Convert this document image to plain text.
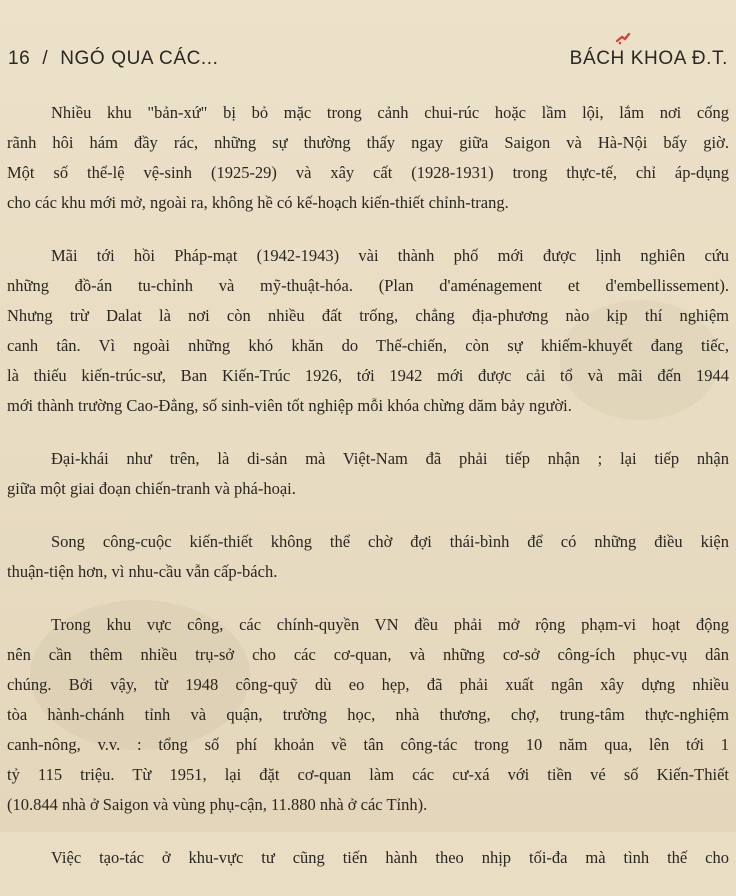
16 / NGÓ QUA CÁC...	BÁCH KHOA Đ.T.
Nhiều khu "bản-xứ" bị bỏ mặc trong cảnh chui-rúc hoặc lầm lội, lắm nơi cống
rãnh hôi hám đầy rác, những sự thường thấy ngay giữa Saigon và Hà-Nội bấy giờ.
Một số thể-lệ vệ-sinh (1925-29) và xây cất (1928-1931) trong thực-tế, chỉ áp-dụng
cho các khu mới mở, ngoài ra, không hề có kế-hoạch kiến-thiết chỉnh-trang.
Mãi tới hồi Pháp-mạt (1942-1943) vài thành phố mới được lịnh nghiên cứu
những đồ-án tu-chỉnh và mỹ-thuật-hóa. (Plan d'aménagement et d'embellissement).
Nhưng trừ Dalat là nơi còn nhiều đất trống, chẳng địa-phương nào kịp thí nghiệm
canh tân. Vì ngoài những khó khăn do Thế-chiến, còn sự khiếm-khuyết đang tiếc,
là thiếu kiến-trúc-sư, Ban Kiến-Trúc 1926, tới 1942 mới được cải tổ và mãi đến 1944
mới thành trường Cao-Đẳng, số sinh-viên tốt nghiệp mỗi khóa chừng dăm bảy người.
Đại-khái như trên, là di-sản mà Việt-Nam đã phải tiếp nhận ; lại tiếp nhận
giữa một giai đoạn chiến-tranh và phá-hoại.
Song công-cuộc kiến-thiết không thể chờ đợi thái-bình để có những điều kiện
thuận-tiện hơn, vì nhu-cầu vẫn cấp-bách.
Trong khu vực công, các chính-quyền VN đều phải mở rộng phạm-vi hoạt động
nên cần thêm nhiều trụ-sở cho các cơ-quan, và những cơ-sở công-ích phục-vụ dân
chúng. Bởi vậy, từ 1948 công-quỹ dù eo hẹp, đã phải xuất ngân xây dựng nhiều
tòa hành-chánh tỉnh và quận, trường học, nhà thương, chợ, trung-tâm thực-nghiệm
canh-nông, v.v. : tổng số phí khoản về tân công-tác trong 10 năm qua, lên tới 1
tỷ 115 triệu. Từ 1951, lại đặt cơ-quan làm các cư-xá với tiền vé số Kiến-Thiết
(10.844 nhà ở Saigon và vùng phụ-cận, 11.880 nhà ở các Tỉnh).
Việc tạo-tác ở khu-vực tư cũng tiến hành theo nhịp tối-đa mà tình thế cho
